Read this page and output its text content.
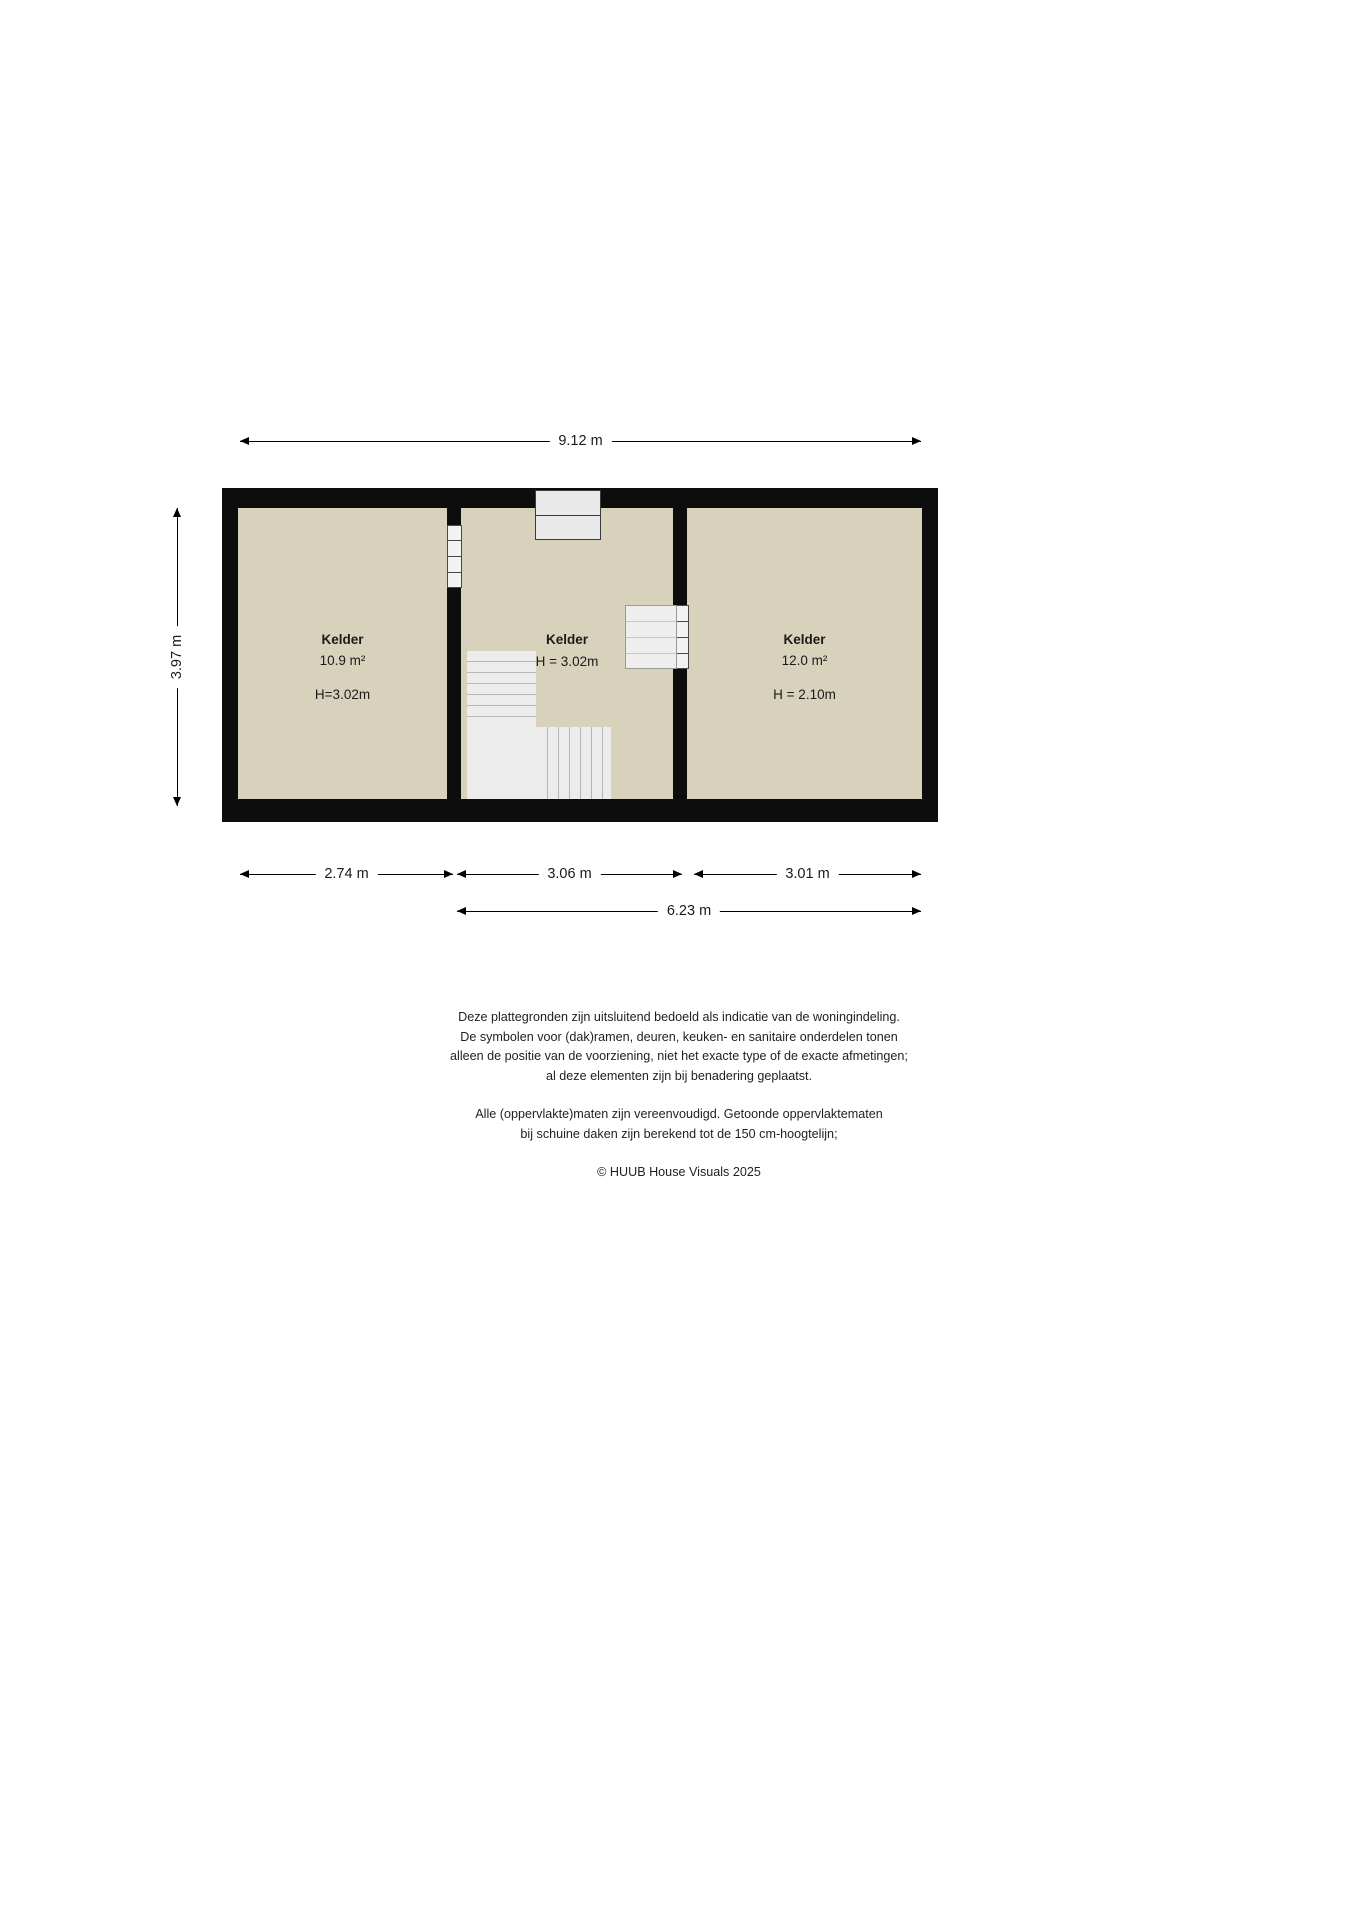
9.12 m
3.97 m	Kelder
10.9 m²
H=3.02m
Kelder
H = 3.02m
Kelder
12.0 m²
H = 2.10m
2.74 m	3.06 m	3.01 m
6.23 m

Deze plattegronden zijn uitsluitend bedoeld als indicatie van de woningindeling.

De symbolen voor (dak)ramen, deuren, keuken- en sanitaire onderdelen tonen

alleen de positie van de voorziening, niet het exacte type of de exacte afmetingen;

al deze elementen zijn bij benadering geplaatst.

Alle (oppervlakte)maten zijn vereenvoudigd. Getoonde oppervlaktematen

bij schuine daken zijn berekend tot de 150 cm-hoogtelijn;

© HUUB House Visuals 2025
